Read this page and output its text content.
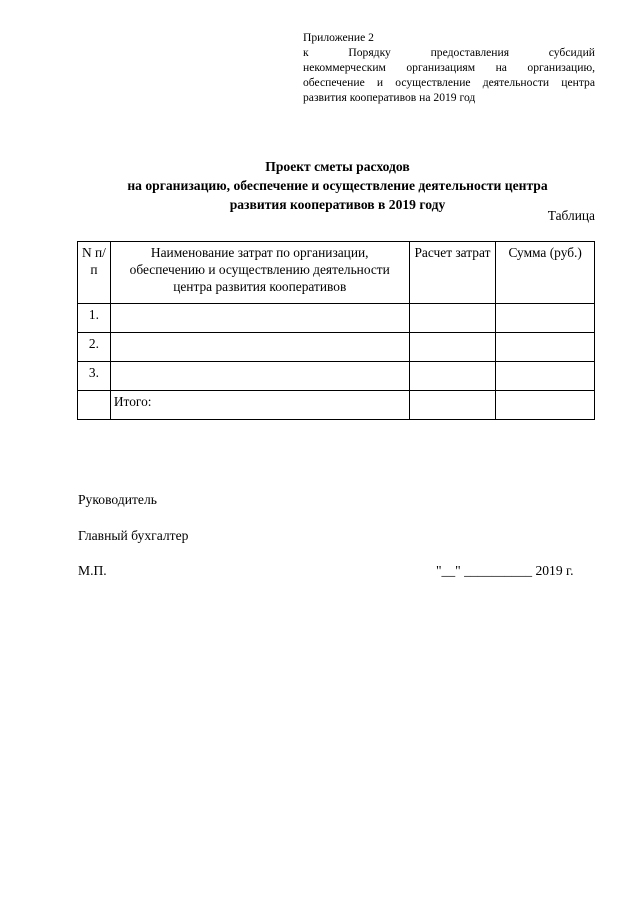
Приложение 2
к Порядку предоставления субсидий
некоммерческим организациям на организацию,
обеспечение и осуществление деятельности центра
развития кооперативов на 2019 год
Проект сметы расходов
на организацию, обеспечение и осуществление деятельности центра
развития кооперативов в 2019 году
Таблица
N п/п	Наименование затрат по организации, обеспечению и осуществлению деятельности центра развития кооперативов	Расчет затрат	Сумма (руб.)
1.			
2.			
3.			
	Итого:		
Руководитель
Главный бухгалтер
М.П.	"__" __________ 2019 г.
